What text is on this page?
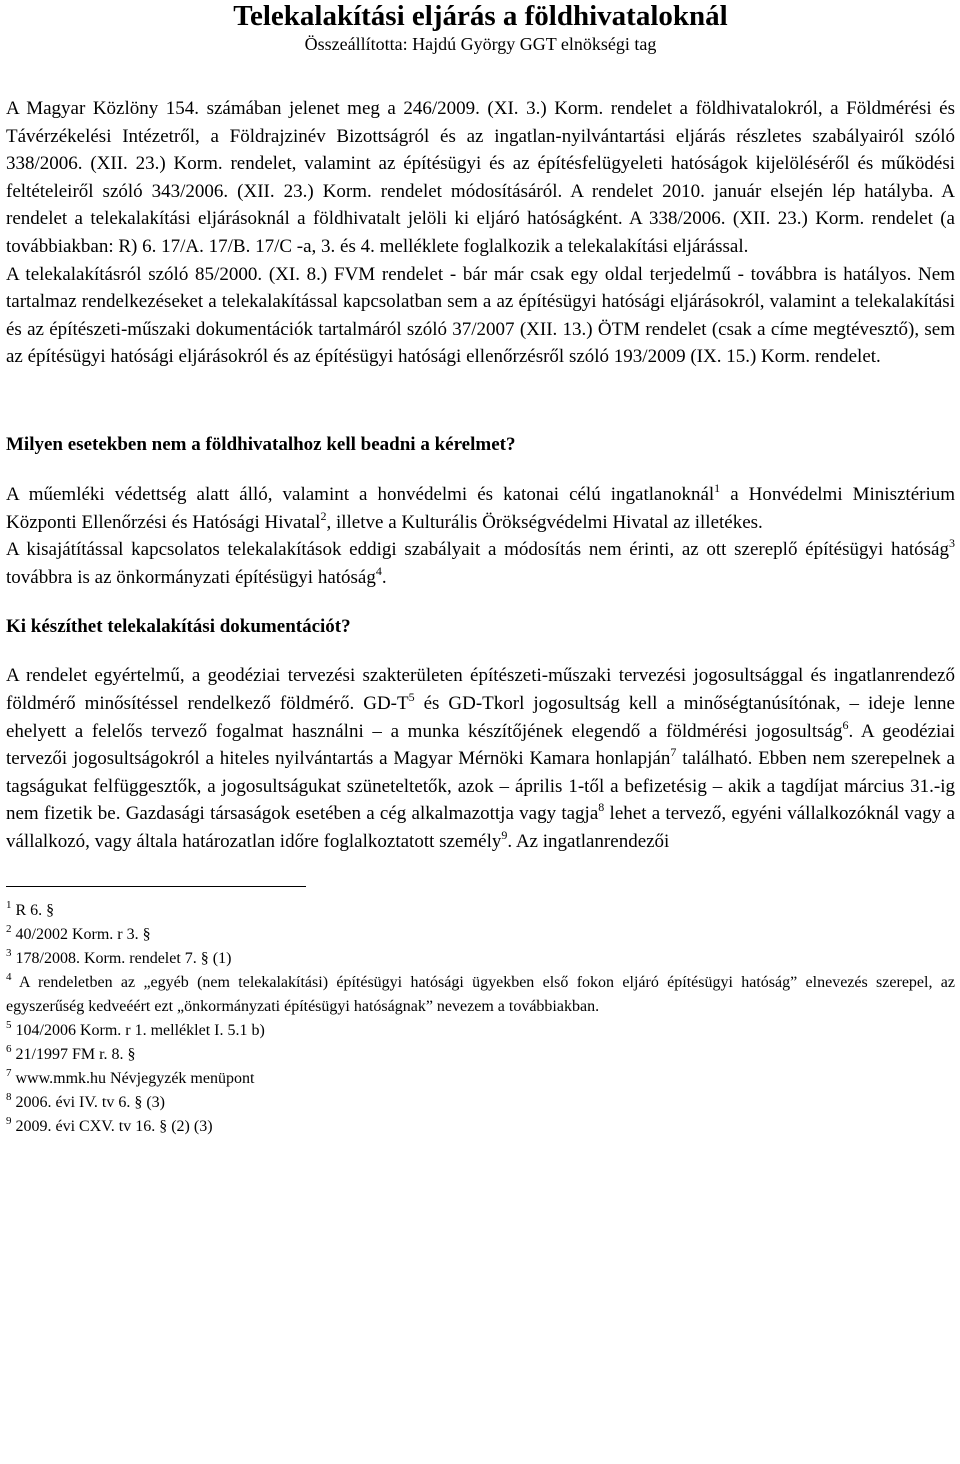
Telekalakítási eljárás a földhivataloknál

Összeállította: Hajdú György GGT elnökségi tag

A Magyar Közlöny 154. számában jelenet meg a 246/2009. (XI. 3.) Korm. rendelet a földhivatalokról, a Földmérési és Távérzékelési Intézetről, a Földrajzinév Bizottságról és az ingatlan-nyilvántartási eljárás részletes szabályairól szóló 338/2006. (XII. 23.) Korm. rendelet, valamint az építésügyi és az építésfelügyeleti hatóságok kijelöléséről és működési feltételeiről szóló 343/2006. (XII. 23.) Korm. rendelet módosításáról. A rendelet 2010. január elsején lép hatályba. A rendelet a telekalakítási eljárásoknál a földhivatalt jelöli ki eljáró hatóságként. A 338/2006. (XII. 23.) Korm. rendelet (a továbbiakban: R) 6. 17/A. 17/B. 17/C -a, 3. és 4. melléklete foglalkozik a telekalakítási eljárással.

A telekalakításról szóló 85/2000. (XI. 8.) FVM rendelet - bár már csak egy oldal terjedelmű - továbbra is hatályos. Nem tartalmaz rendelkezéseket a telekalakítással kapcsolatban sem a az építésügyi hatósági eljárásokról, valamint a telekalakítási és az építészeti-műszaki dokumentációk tartalmáról szóló 37/2007 (XII. 13.) ÖTM rendelet (csak a címe megtévesztő), sem az építésügyi hatósági eljárásokról és az építésügyi hatósági ellenőrzésről szóló 193/2009 (IX. 15.) Korm. rendelet.

Milyen esetekben nem a földhivatalhoz kell beadni a kérelmet?

A műemléki védettség alatt álló, valamint a honvédelmi és katonai célú ingatlanoknál$^1$ a Honvédelmi Minisztérium Központi Ellenőrzési és Hatósági Hivatal$^2$, illetve a Kulturális Örökségvédelmi Hivatal az illetékes.

A kisajátítással kapcsolatos telekalakítások eddigi szabályait a módosítás nem érinti, az ott szereplő építésügyi hatóság$^3$ továbbra is az önkormányzati építésügyi hatóság$^4$.

Ki készíthet telekalakítási dokumentációt?

A rendelet egyértelmű, a geodéziai tervezési szakterületen építészeti-műszaki tervezési jogosultsággal és ingatlanrendező földmérő minősítéssel rendelkező földmérő. $GD-T^5$ és GD-Tkorl jogosultság kell a minőségtanúsítónak, – ideje lenne ehelyett a felelős tervező fogalmat használni – a munka készítőjének elegendő a földmérési jogosultság$^6$. A geodéziai tervezői jogosultságokról a hiteles nyilvántartás a Magyar Mérnöki Kamara honlapján$^7$ található. Ebben nem szerepelnek a tagságukat felfüggesztők, a jogosultságukat szüneteltetők, azok – április 1-től a befizetésig – akik a tagdíjat március 31.-ig nem fizetik be. Gazdasági társaságok esetében a cég alkalmazottja vagy tagja$^8$ lehet a tervező, egyéni vállalkozóknál vagy a vállalkozó, vagy általa határozatlan időre foglalkoztatott személy$^9$. Az ingatlanrendezői

$^1$ R 6. §

$^2$ 40/2002 Korm. r 3. §

$^3$ 178/2008. Korm. rendelet 7. § (1)

$^4$ A rendeletben az „egyéb (nem telekalakítási) építésügyi hatósági ügyekben első fokon eljáró építésügyi hatóság” elnevezés szerepel, az egyszerűség kedveéért ezt „önkormányzati építésügyi hatóságnak” nevezem a továbbiakban.

$^5$ 104/2006 Korm. r 1. melléklet I. 5.1 b)

$^6$ 21/1997 FM r. 8. §

$^7$ www.mmk.hu Névjegyzék menüpont

$^8$ 2006. évi IV. tv 6. § (3)

$^9$ 2009. évi CXV. tv 16. § (2) (3)
